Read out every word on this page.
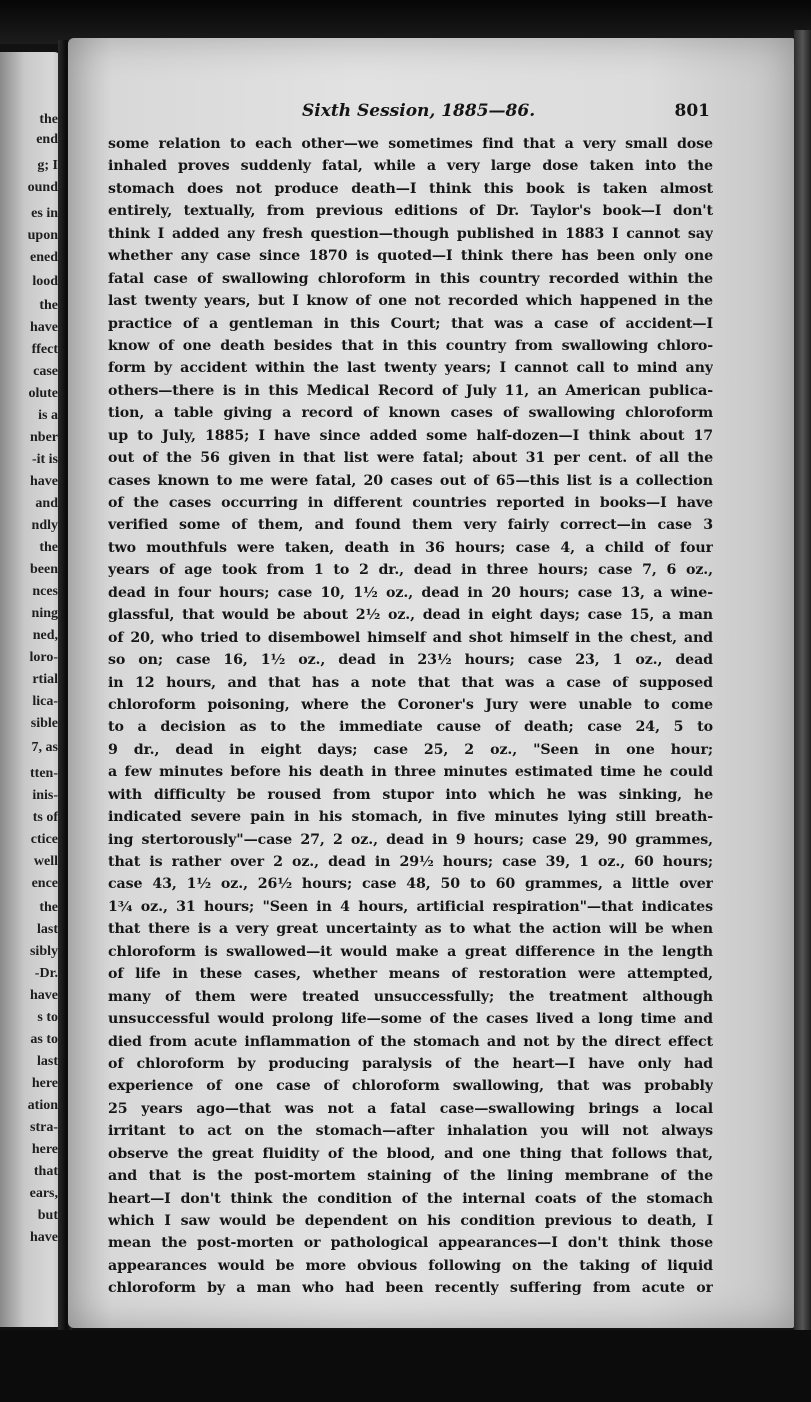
the
end
g; I
ound
es in
upon
ened
lood
the
have
ffect
case
olute
is a
nber
-it is
have
and
ndly
the
been
nces
ning
ned,
loro-
rtial
lica-
sible
7, as
tten-
inis-
ts of
ctice
well
ence
the
last
sibly
-Dr.
have
s to
as to
last
here
ation
stra-
here
that
ears,
but
have
Sixth Session, 1885—86.	801
some relation to each other—we sometimes find that a very small dose
inhaled proves suddenly fatal, while a very large dose taken into the
stomach does not produce death—I think this book is taken almost
entirely, textually, from previous editions of Dr. Taylor's book—I don't
think I added any fresh question—though published in 1883 I cannot say
whether any case since 1870 is quoted—I think there has been only one
fatal case of swallowing chloroform in this country recorded within the
last twenty years, but I know of one not recorded which happened in the
practice of a gentleman in this Court; that was a case of accident—I
know of one death besides that in this country from swallowing chloro-
form by accident within the last twenty years; I cannot call to mind any
others—there is in this Medical Record of July 11, an American publica-
tion, a table giving a record of known cases of swallowing chloroform
up to July, 1885; I have since added some half-dozen—I think about 17
out of the 56 given in that list were fatal; about 31 per cent. of all the
cases known to me were fatal, 20 cases out of 65—this list is a collection
of the cases occurring in different countries reported in books—I have
verified some of them, and found them very fairly correct—in case 3
two mouthfuls were taken, death in 36 hours; case 4, a child of four
years of age took from 1 to 2 dr., dead in three hours; case 7, 6 oz.,
dead in four hours; case 10, 1½ oz., dead in 20 hours; case 13, a wine-
glassful, that would be about 2½ oz., dead in eight days; case 15, a man
of 20, who tried to disembowel himself and shot himself in the chest, and
so on; case 16, 1½ oz., dead in 23½ hours; case 23, 1 oz., dead
in 12 hours, and that has a note that that was a case of supposed
chloroform poisoning, where the Coroner's Jury were unable to come
to a decision as to the immediate cause of death; case 24, 5 to
9 dr., dead in eight days; case 25, 2 oz., "Seen in one hour;
a few minutes before his death in three minutes estimated time he could
with difficulty be roused from stupor into which he was sinking, he
indicated severe pain in his stomach, in five minutes lying still breath-
ing stertorously"—case 27, 2 oz., dead in 9 hours; case 29, 90 grammes,
that is rather over 2 oz., dead in 29½ hours; case 39, 1 oz., 60 hours;
case 43, 1½ oz., 26½ hours; case 48, 50 to 60 grammes, a little over
1¾ oz., 31 hours; "Seen in 4 hours, artificial respiration"—that indicates
that there is a very great uncertainty as to what the action will be when
chloroform is swallowed—it would make a great difference in the length
of life in these cases, whether means of restoration were attempted,
many of them were treated unsuccessfully; the treatment although
unsuccessful would prolong life—some of the cases lived a long time and
died from acute inflammation of the stomach and not by the direct effect
of chloroform by producing paralysis of the heart—I have only had
experience of one case of chloroform swallowing, that was probably
25 years ago—that was not a fatal case—swallowing brings a local
irritant to act on the stomach—after inhalation you will not always
observe the great fluidity of the blood, and one thing that follows that,
and that is the post-mortem staining of the lining membrane of the
heart—I don't think the condition of the internal coats of the stomach
which I saw would be dependent on his condition previous to death, I
mean the post-morten or pathological appearances—I don't think those
appearances would be more obvious following on the taking of liquid
chloroform by a man who had been recently suffering from acute or
